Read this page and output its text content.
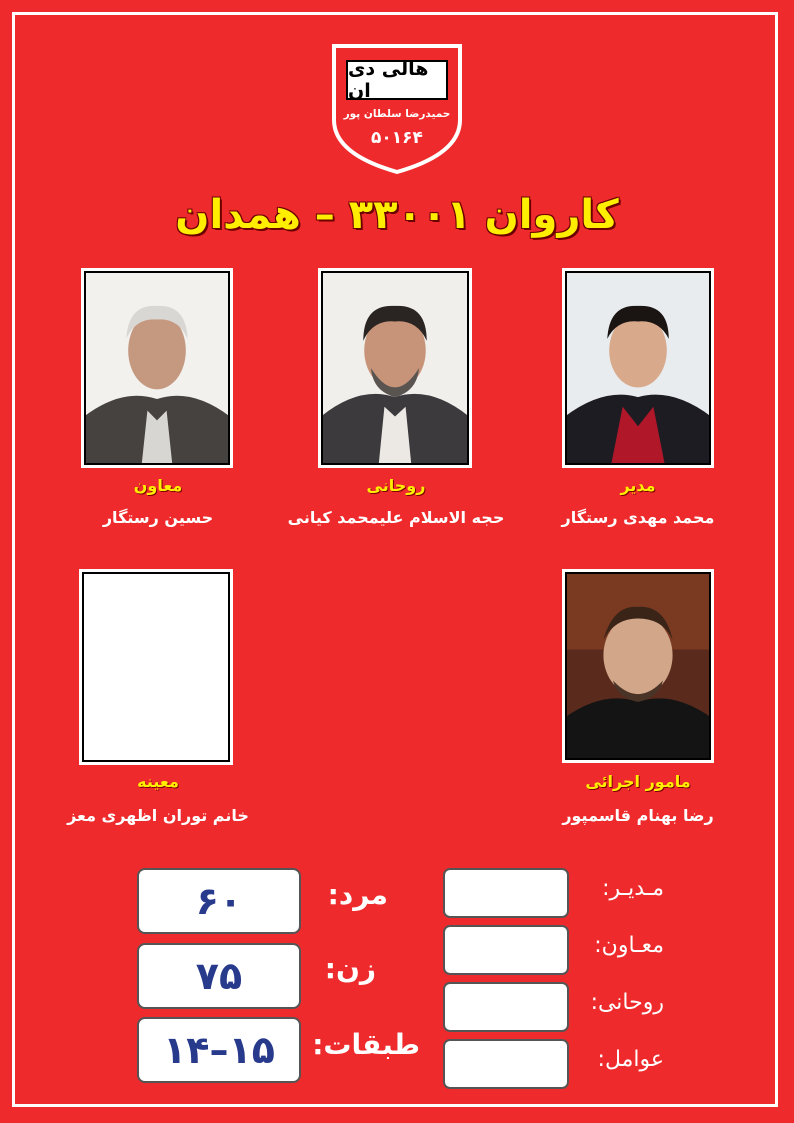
هالی دی ان
حمیدرضا سلطان پور
۵۰۱۶۴
کاروان ۳۳۰۰۱ – همدان
مدیر
محمد مهدی رستگار
روحانی
حجه الاسلام علیمحمد کیانی
معاون
حسین رستگار
مامور اجرائی
رضا بهنام قاسمپور
معینه
خانم توران اظهری معز
۶۰	مرد:
۷۵	زن:
۱۴–۱۵ طبقات:
مـدیـر:
معـاون:
روحانی:
عوامل:
